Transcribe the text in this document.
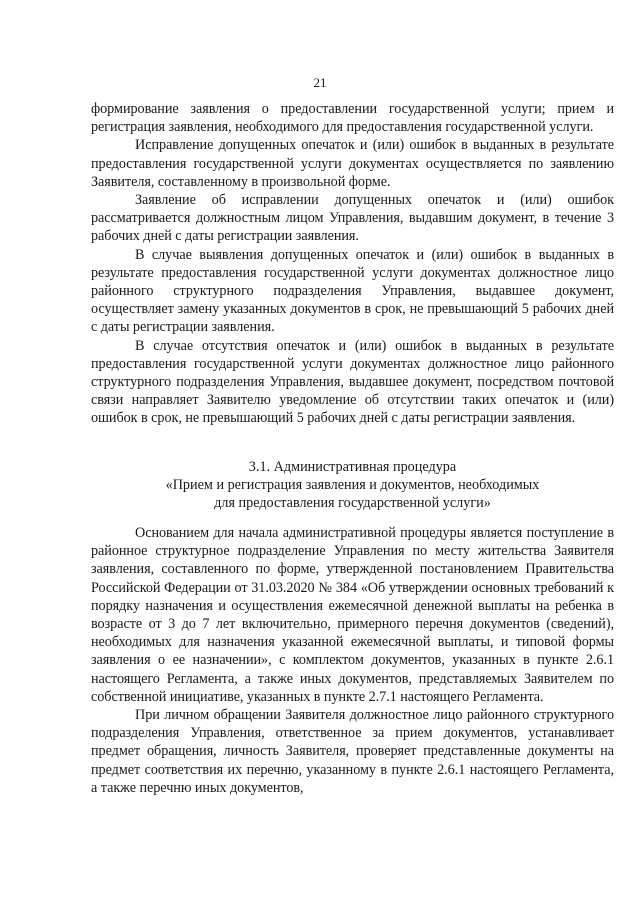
21

формирование заявления о предоставлении государственной услуги; прием и регистрация заявления, необходимого для предоставления государственной услуги.

Исправление допущенных опечаток и (или) ошибок в выданных в результате предоставления государственной услуги документах осуществляется по заявлению Заявителя, составленному в произвольной форме.

Заявление об исправлении допущенных опечаток и (или) ошибок рассматривается должностным лицом Управления, выдавшим документ, в течение 3 рабочих дней с даты регистрации заявления.

В случае выявления допущенных опечаток и (или) ошибок в выданных в результате предоставления государственной услуги документах должностное лицо районного структурного подразделения Управления, выдавшее документ, осуществляет замену указанных документов в срок, не превышающий 5 рабочих дней с даты регистрации заявления.

В случае отсутствия опечаток и (или) ошибок в выданных в результате предоставления государственной услуги документах должностное лицо районного структурного подразделения Управления, выдавшее документ, посредством почтовой связи направляет Заявителю уведомление об отсутствии таких опечаток и (или) ошибок в срок, не превышающий 5 рабочих дней с даты регистрации заявления.

3.1. Административная процедура
«Прием и регистрация заявления и документов, необходимых
для предоставления государственной услуги»

Основанием для начала административной процедуры является поступление в районное структурное подразделение Управления по месту жительства Заявителя заявления, составленного по форме, утвержденной постановлением Правительства Российской Федерации от 31.03.2020 № 384 «Об утверждении основных требований к порядку назначения и осуществления ежемесячной денежной выплаты на ребенка в возрасте от 3 до 7 лет включительно, примерного перечня документов (сведений), необходимых для назначения указанной ежемесячной выплаты, и типовой формы заявления о ее назначении», с комплектом документов, указанных в пункте 2.6.1 настоящего Регламента, а также иных документов, представляемых Заявителем по собственной инициативе, указанных в пункте 2.7.1 настоящего Регламента.

При личном обращении Заявителя должностное лицо районного структурного подразделения Управления, ответственное за прием документов, устанавливает предмет обращения, личность Заявителя, проверяет представленные документы на предмет соответствия их перечню, указанному в пункте 2.6.1 настоящего Регламента, а также перечню иных документов,
